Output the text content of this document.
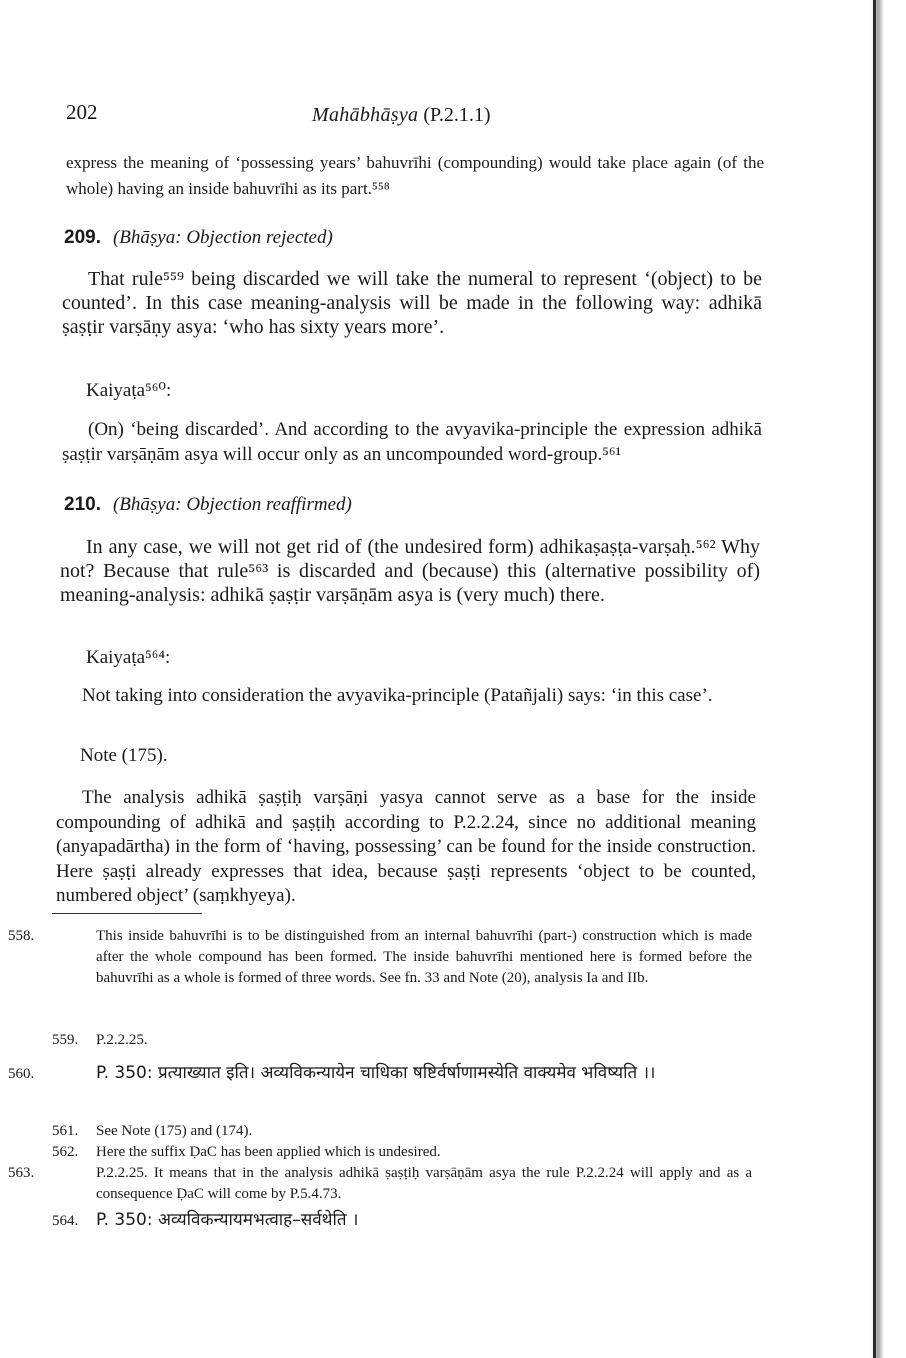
202	Mahābhāṣya (P.2.1.1)
express the meaning of ‘possessing years’ bahuvrīhi (compounding) would take place again (of the whole) having an inside bahuvrīhi as its part.⁵⁵⁸
209. (Bhāṣya: Objection rejected)
That rule⁵⁵⁹ being discarded we will take the numeral to represent ‘(object) to be counted’. In this case meaning-analysis will be made in the following way: adhikā ṣaṣṭir varṣāṇy asya: ‘who has sixty years more’.
Kaiyaṭa⁵⁶⁰:
(On) ‘being discarded’. And according to the avyavika-principle the expression adhikā ṣaṣṭir varṣāṇām asya will occur only as an uncompounded word-group.⁵⁶¹
210. (Bhāṣya: Objection reaffirmed)
In any case, we will not get rid of (the undesired form) adhikaṣaṣṭa-varṣaḥ.⁵⁶² Why not? Because that rule⁵⁶³ is discarded and (because) this (alternative possibility of) meaning-analysis: adhikā ṣaṣṭir varṣāṇām asya is (very much) there.
Kaiyaṭa⁵⁶⁴:
Not taking into consideration the avyavika-principle (Patañjali) says: ‘in this case’.
Note (175).
The analysis adhikā ṣaṣṭiḥ varṣāṇi yasya cannot serve as a base for the inside compounding of adhikā and ṣaṣṭiḥ according to P.2.2.24, since no additional meaning (anyapadārtha) in the form of ‘having, possessing’ can be found for the inside construction. Here ṣaṣṭi already expresses that idea, because ṣaṣṭi represents ‘object to be counted, numbered object’ (saṃkhyeya).
558.	This inside bahuvrīhi is to be distinguished from an internal bahuvrīhi (part-) construction which is made after the whole compound has been formed. The inside bahuvrīhi mentioned here is formed before the bahuvrīhi as a whole is formed of three words. See fn. 33 and Note (20), analysis Ia and IIb.
559. P.2.2.25.
560.	P. 350: प्रत्याख्यात इति। अव्यविकन्यायेन चाधिका षष्टिर्वर्षाणामस्येति वाक्यमेव भविष्यति ।।
561. See Note (175) and (174).
562. Here the suffix ḌaC has been applied which is undesired.
563.	P.2.2.25. It means that in the analysis adhikā ṣaṣṭiḥ varṣāṇām asya the rule P.2.2.24 will apply and as a consequence ḌaC will come by P.5.4.73.
564. P. 350: अव्यविकन्यायमभत्वाह–सर्वथेति ।
